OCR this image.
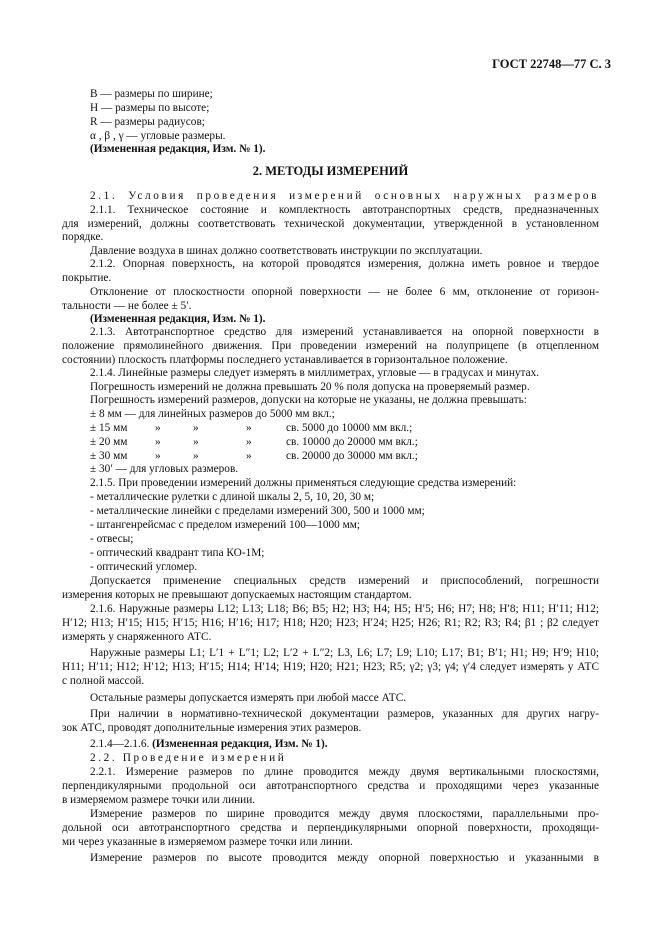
ГОСТ 22748—77 С. 3
B — размеры по ширине;
H — размеры по высоте;
R — размеры радиусов;
α , β , γ — угловые размеры.
(Измененная редакция, Изм. № 1).
2. МЕТОДЫ ИЗМЕРЕНИЙ
2.1. Условия проведения измерений основных наружных размеров
2.1.1. Техническое состояние и комплектность автотранспортных средств, предназначенных
для измерений, должны соответствовать технической документации, утвержденной в установленном
порядке.
Давление воздуха в шинах должно соответствовать инструкции по эксплуатации.
2.1.2. Опорная поверхность, на которой проводятся измерения, должна иметь ровное и твердое
покрытие.
Отклонение от плоскостности опорной поверхности — не более 6 мм, отклонение от горизон-
тальности — не более ± 5′.
(Измененная редакция, Изм. № 1).
2.1.3. Автотранспортное средство для измерений устанавливается на опорной поверхности в
положение прямолинейного движения. При проведении измерений на полуприцепе (в отцепленном
состоянии) плоскость платформы последнего устанавливается в горизонтальное положение.
2.1.4. Линейные размеры следует измерять в миллиметрах, угловые — в градусах и минутах.
Погрешность измерений не должна превышать 20 % поля допуска на проверяемый размер.
Погрешность измерений размеров, допуски на которые не указаны, не должна превышать:
± 8 мм — для линейных размеров до 5000 мм вкл.;
± 15 мм »	»	»	св. 5000 до 10000 мм вкл.;
± 20 мм »	»	»	св. 10000 до 20000 мм вкл.;
± 30 мм »	»	»	св. 20000 до 30000 мм вкл.;
± 30′ — для угловых размеров.
2.1.5. При проведении измерений должны применяться следующие средства измерений:
- металлические рулетки с длиной шкалы 2, 5, 10, 20, 30 м;
- металлические линейки с пределами измерений 300, 500 и 1000 мм;
- штангенрейсмас с пределом измерений 100—1000 мм;
- отвесы;
- оптический квадрант типа КО-1М;
- оптический угломер.
Допускается применение специальных средств измерений и приспособлений, погрешности
измерения которых не превышают допускаемых настоящим стандартом.
2.1.6. Наружные размеры L12; L13; L18; B6; B5; H2; H3; H4; H5; H′5; H6; H7; H8; H′8; H11; H′11; H12;
H′12; H13; H′15; H15; H′15; H16; H′16; H17; H18; H20; H23; H′24; H25; H26; R1; R2; R3; R4; β1 ; β2 следует
измерять у снаряженного АТС.
Наружные размеры L1; L′1 + L″1; L2; L′2 + L″2; L3, L6; L7; L9; L10; L17; B1; B′1; H1; H9; H′9; H10;
H11; H′11; H12; H′12; H13; H′15; H14; H′14; H19; H20; H21; H23; R5; γ2; γ3; γ4; γ′4 следует измерять у АТС
с полной массой.
Остальные размеры допускается измерять при любой массе АТС.
При наличии в нормативно-технической документации размеров, указанных для других нагру-
зок АТС, проводят дополнительные измерения этих размеров.
2.1.4—2.1.6. (Измененная редакция, Изм. № 1).
2.2. Проведение измерений
2.2.1. Измерение размеров по длине проводится между двумя вертикальными плоскостями,
перпендикулярными продольной оси автотранспортного средства и проходящими через указанные
в измеряемом размере точки или линии.
Измерение размеров по ширине проводится между двумя плоскостями, параллельными про-
дольной оси автотранспортного средства и перпендикулярными опорной поверхности, проходящи-
ми через указанные в измеряемом размере точки или линии.
Измерение размеров по высоте проводится между опорной поверхностью и указанными в
